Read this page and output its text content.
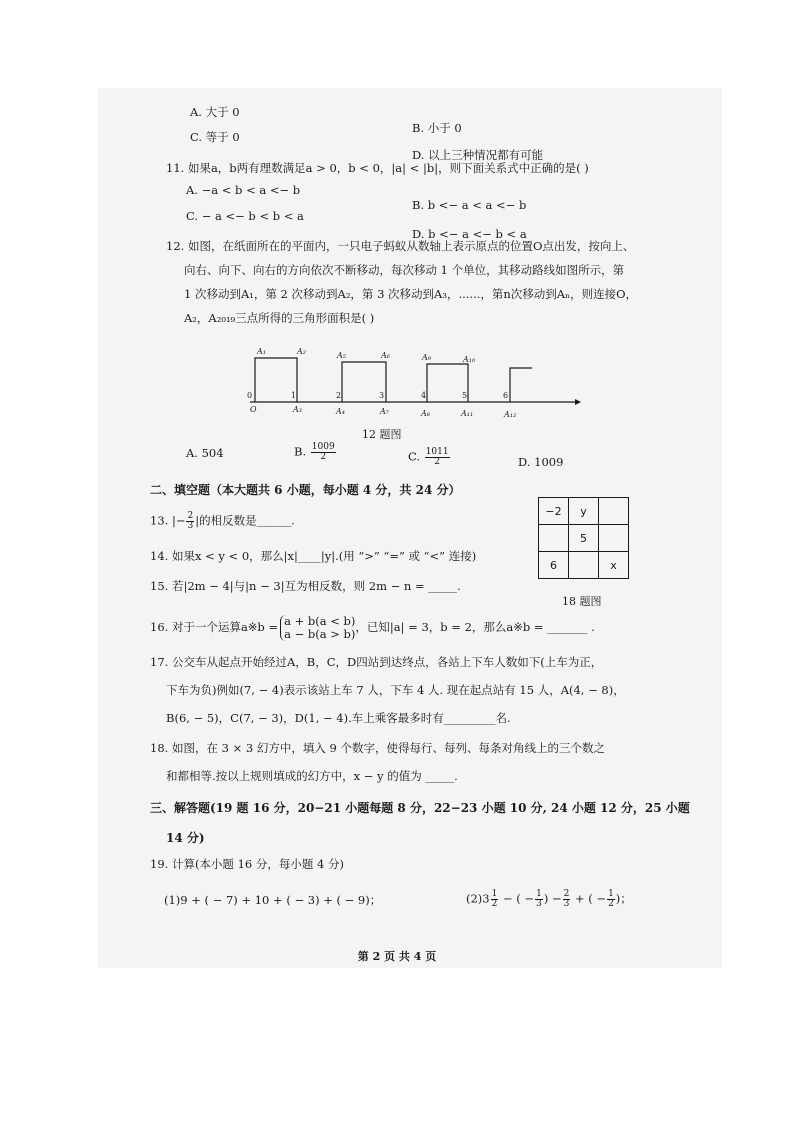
A. 大于 0
B. 小于 0
C. 等于 0
D. 以上三种情况都有可能
11. 如果a，b两有理数满足a > 0，b < 0，|a| < |b|，则下面关系式中正确的是( )
A. −a < b < a <− b
B. b <− a < a <− b
C. − a <− b < b < a
D. b <− a <− b < a
12. 如图，在纸面所在的平面内，一只电子蚂蚁从数轴上表示原点的位置O点出发，按向上、
向右、向下、向右的方向依次不断移动，每次移动 1 个单位，其移动路线如图所示，第
1 次移动到A₁，第 2 次移动到A₂，第 3 次移动到A₃，......，第n次移动到Aₙ，则连接O，
A₂，A₂₀₁₉三点所得的三角形面积是( )
A₁	A₂	A₅	A₆	A₉	A₁₀
0	1	2	3	4	5	6
O	A₃	A₄	A₇	A₈	A₁₁	A₁₂
12 题图
A. 504	B. $\frac{1009}{2}$	C. $\frac{1011}{2}$	D. 1009
二、填空题（本大题共 6 小题，每小题 4 分，共 24 分）
−2	y	
	5	
6		x
18 题图
13. |− $\frac{2}{3}$ |的相反数是______.
14. 如果x < y < 0，那么|x|____|y|.(用 “>” “=” 或 “<” 连接)
15. 若|2m − 4|与|n − 3|互为相反数，则 2m − n = _____.
16. 对于一个运算a※b = a + b(a < b)
a − b(a > b) ，已知|a| = 3，b = 2，那么a※b = _______ .
17. 公交车从起点开始经过A，B，C，D四站到达终点，各站上下车人数如下(上车为正，
下车为负)例如(7, − 4)表示该站上车 7 人，下车 4 人. 现在起点站有 15 人，A(4, − 8)，
B(6, − 5)，C(7, − 3)，D(1, − 4).车上乘客最多时有_________名.
18. 如图，在 3 × 3 幻方中，填入 9 个数字，使得每行、每列、每条对角线上的三个数之
和都相等.按以上规则填成的幻方中，x − y 的值为 _____.
三、解答题(19 题 16 分，20−21 小题每题 8 分，22−23 小题 10 分, 24 小题 12 分，25 小题
14 分)
19. 计算(本小题 16 分，每小题 4 分)
(1)9 + ( − 7) + 10 + ( − 3) + ( − 9)；	$(2)3 \frac{1}{2}$ − ( − $\frac{1}{3}$ ) − $\frac{2}{3}$ + ( − $\frac{1}{2}$ )；
第 2 页 共 4 页
